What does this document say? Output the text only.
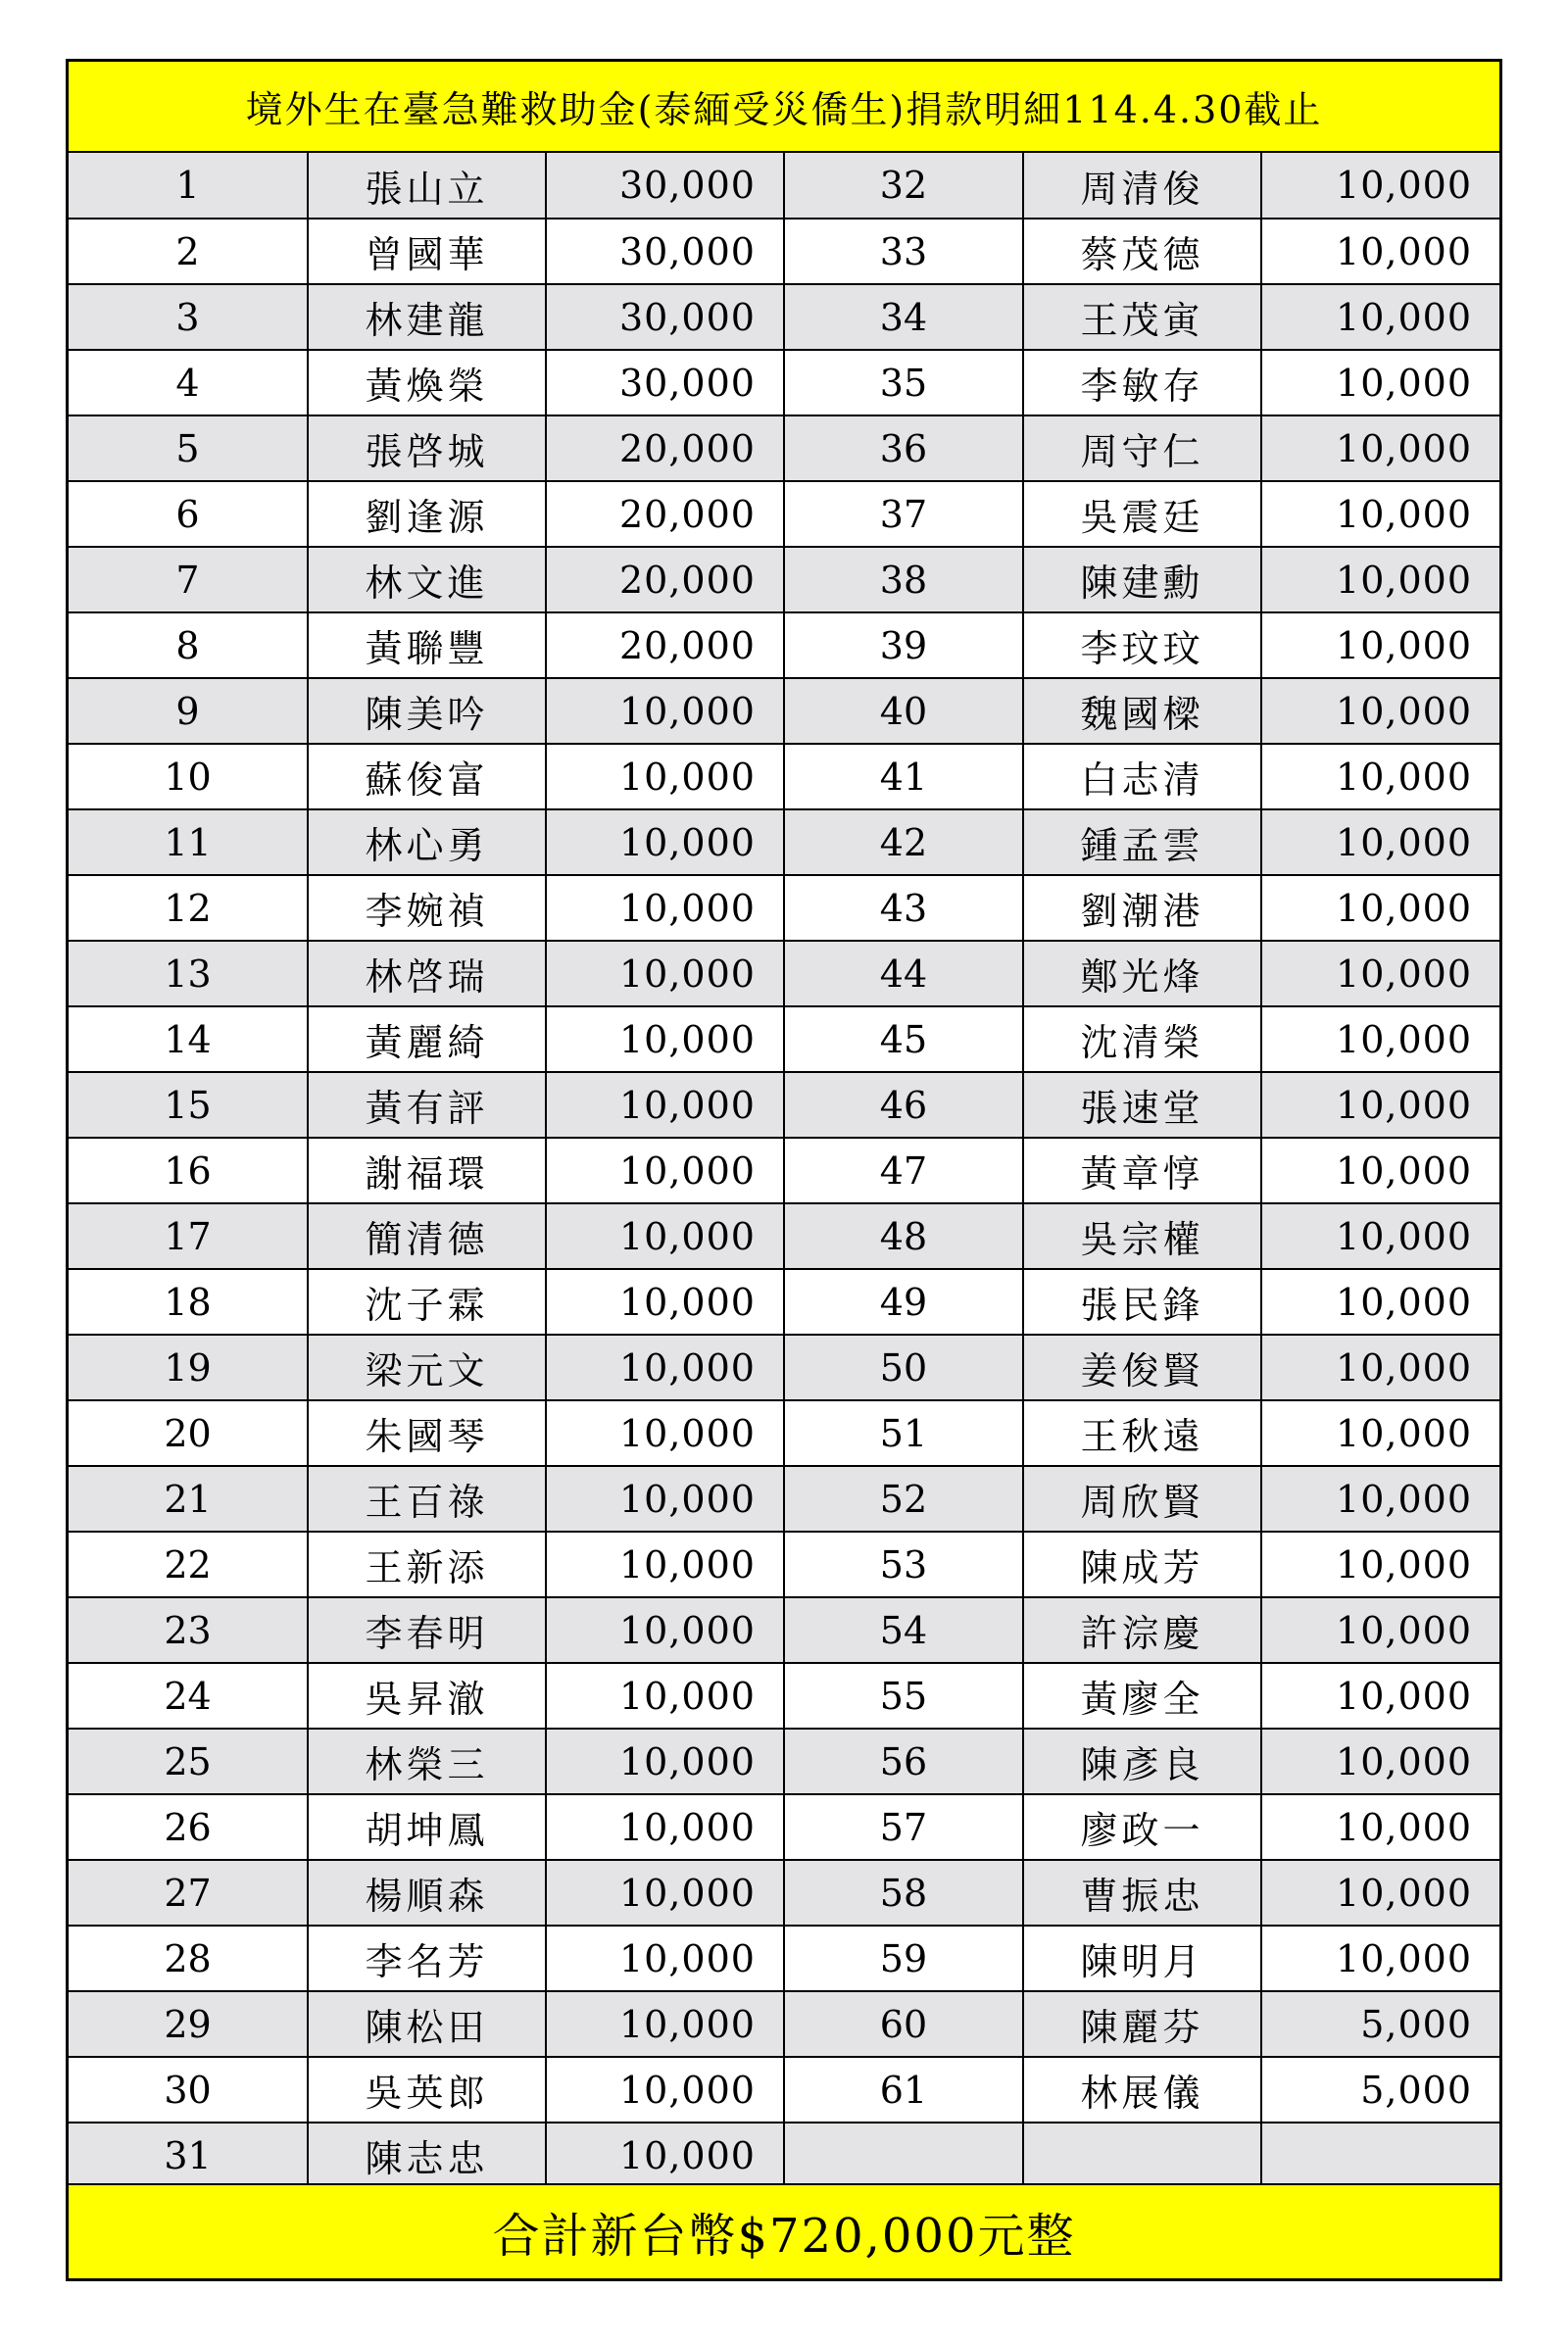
境外生在臺急難救助金(泰緬受災僑生)捐款明細114.4.30截止
1	張山立	30,000	32	周清俊	10,000
2	曾國華	30,000	33	蔡茂德	10,000
3	林建龍	30,000	34	王茂寅	10,000
4	黃煥榮	30,000	35	李敏存	10,000
5	張啓城	20,000	36	周守仁	10,000
6	劉逢源	20,000	37	吳震廷	10,000
7	林文進	20,000	38	陳建勳	10,000
8	黃聯豐	20,000	39	李玟玟	10,000
9	陳美吟	10,000	40	魏國樑	10,000
10	蘇俊富	10,000	41	白志清	10,000
11	林心勇	10,000	42	鍾孟雲	10,000
12	李婉禎	10,000	43	劉潮港	10,000
13	林啓瑞	10,000	44	鄭光烽	10,000
14	黃麗綺	10,000	45	沈清榮	10,000
15	黃有評	10,000	46	張速堂	10,000
16	謝福環	10,000	47	黃章惇	10,000
17	簡清德	10,000	48	吳宗權	10,000
18	沈子霖	10,000	49	張民鋒	10,000
19	梁元文	10,000	50	姜俊賢	10,000
20	朱國琴	10,000	51	王秋遠	10,000
21	王百祿	10,000	52	周欣賢	10,000
22	王新添	10,000	53	陳成芳	10,000
23	李春明	10,000	54	許淙慶	10,000
24	吳昇澈	10,000	55	黃廖全	10,000
25	林榮三	10,000	56	陳彥良	10,000
26	胡坤鳳	10,000	57	廖政一	10,000
27	楊順森	10,000	58	曹振忠	10,000
28	李名芳	10,000	59	陳明月	10,000
29	陳松田	10,000	60	陳麗芬	5,000
30	吳英郎	10,000	61	林展儀	5,000
31	陳志忠	10,000			
合計新台幣$720,000元整
